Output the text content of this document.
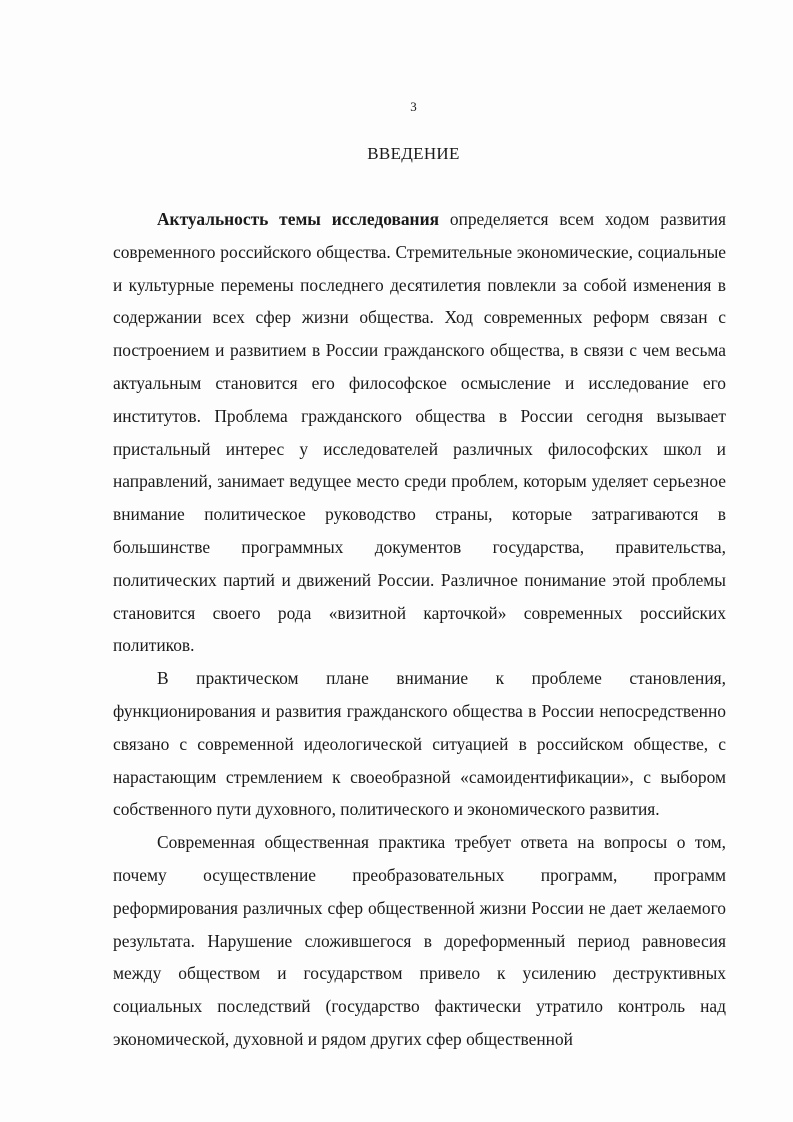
3
ВВЕДЕНИЕ

Актуальность темы исследования определяется всем ходом развития современного российского общества. Стремительные экономические, социальные и культурные перемены последнего десятилетия повлекли за собой изменения в содержании всех сфер жизни общества. Ход современных реформ связан с построением и развитием в России гражданского общества, в связи с чем весьма актуальным становится его философское осмысление и исследование его институтов. Проблема гражданского общества в России сегодня вызывает пристальный интерес у исследователей различных философских школ и направлений, занимает ведущее место среди проблем, которым уделяет серьезное внимание политическое руководство страны, которые затрагиваются в большинстве программных документов государства, правительства, политических партий и движений России. Различное понимание этой проблемы становится своего рода «визитной карточкой» современных российских политиков.

В практическом плане внимание к проблеме становления, функционирования и развития гражданского общества в России непосредственно связано с современной идеологической ситуацией в российском обществе, с нарастающим стремлением к своеобразной «самоидентификации», с выбором собственного пути духовного, политического и экономического развития.

Современная общественная практика требует ответа на вопросы о том, почему осуществление преобразовательных программ, программ реформирования различных сфер общественной жизни России не дает желаемого результата. Нарушение сложившегося в дореформенный период равновесия между обществом и государством привело к усилению деструктивных социальных последствий (государство фактически утратило контроль над экономической, духовной и рядом других сфер общественной
